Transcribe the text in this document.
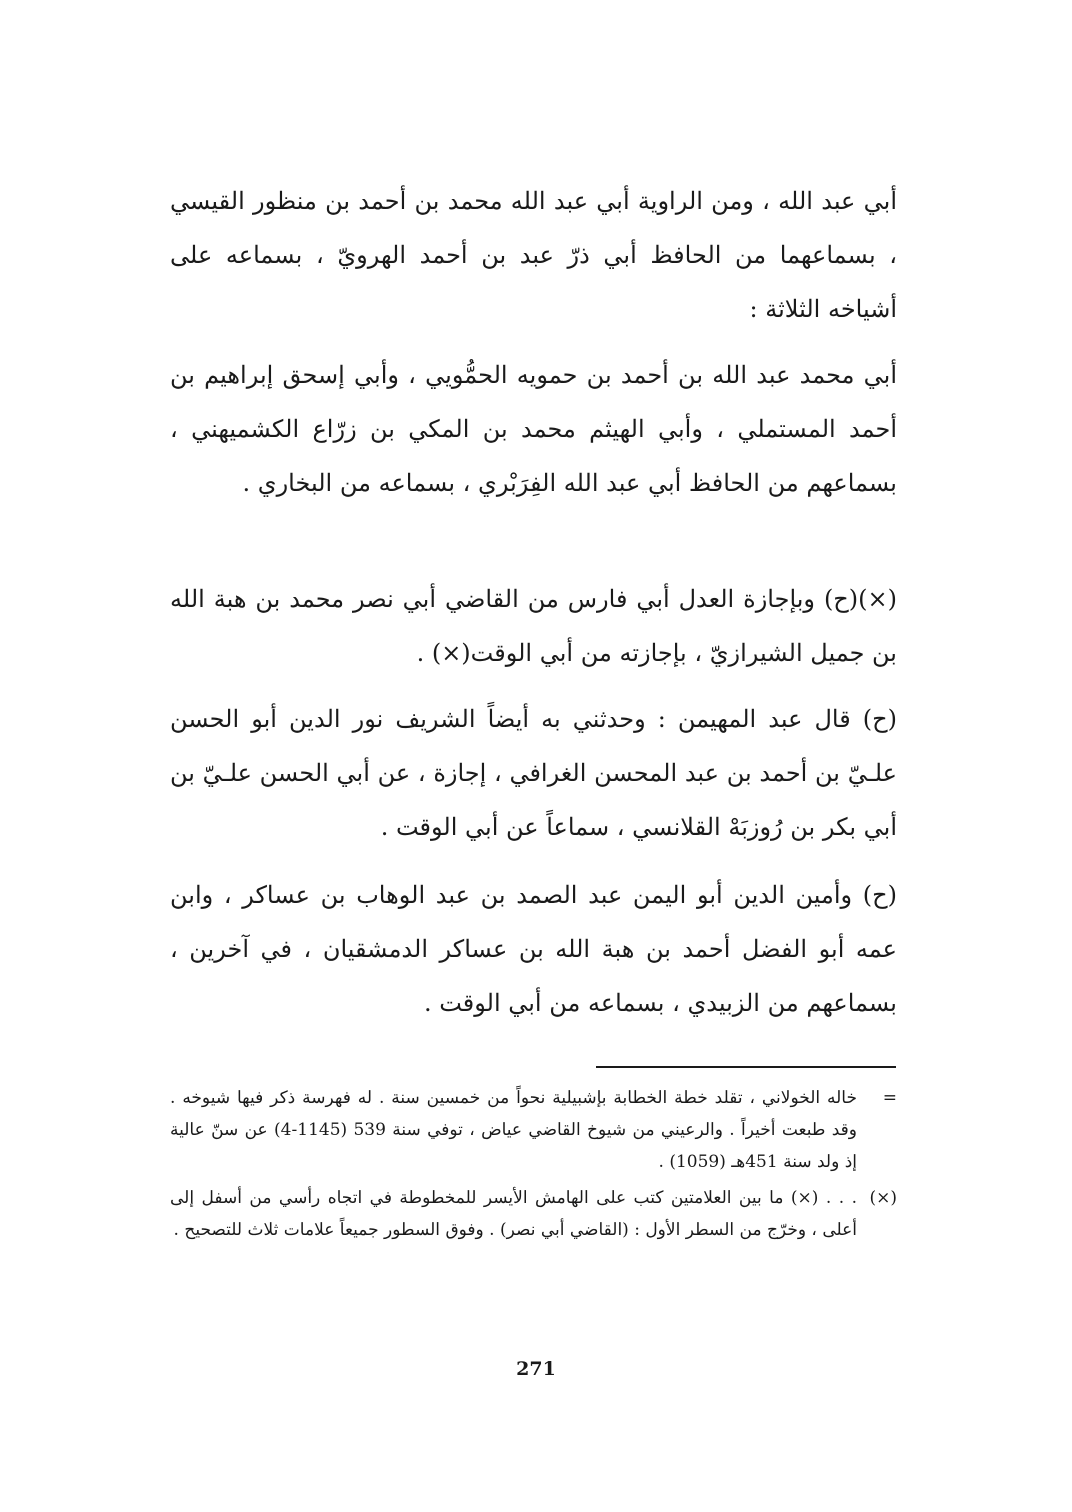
أبي عبد الله ، ومن الراوية أبي عبد الله محمد بن أحمد بن منظور القيسي ، بسماعهما من الحافظ أبي ذرّ عبد بن أحمد الهرويّ ، بسماعه على أشياخه الثلاثة :

أبي محمد عبد الله بن أحمد بن حمويه الحمُّويي ، وأبي إسحق إبراهيم بن أحمد المستملي ، وأبي الهيثم محمد بن المكي بن زرّاع الكشميهني ، بسماعهم من الحافظ أبي عبد الله الفِرَبْري ، بسماعه من البخاري .

(×)(ح) وبإجازة العدل أبي فارس من القاضي أبي نصر محمد بن هبة الله بن جميل الشيرازيّ ، بإجازته من أبي الوقت(×) .

(ح) قال عبد المهيمن : وحدثني به أيضاً الشريف نور الدين أبو الحسن علـيّ بن أحمد بن عبد المحسن الغرافي ، إجازة ، عن أبي الحسن علـيّ بن أبي بكر بن رُوزبَهْ القلانسي ، سماعاً عن أبي الوقت .

(ح) وأمين الدين أبو اليمن عبد الصمد بن عبد الوهاب بن عساكر ، وابن عمه أبو الفضل أحمد بن هبة الله بن عساكر الدمشقيان ، في آخرين ، بسماعهم من الزبيدي ، بسماعه من أبي الوقت .

=
خاله الخولاني ، تقلد خطة الخطابة بإشبيلية نحواً من خمسين سنة . له فهرسة ذكر فيها شيوخه . وقد طبعت أخيراً . والرعيني من شيوخ القاضي عياض ، توفي سنة 539 (1145-4) عن سنّ عالية إذ ولد سنة 451هـ (1059) .
(×)
. . . (×) ما بين العلامتين كتب على الهامش الأيسر للمخطوطة في اتجاه رأسي من أسفل إلى أعلى ، وخرّج من السطر الأول : (القاضي أبي نصر) . وفوق السطور جميعاً علامات ثلاث للتصحيح .
271
